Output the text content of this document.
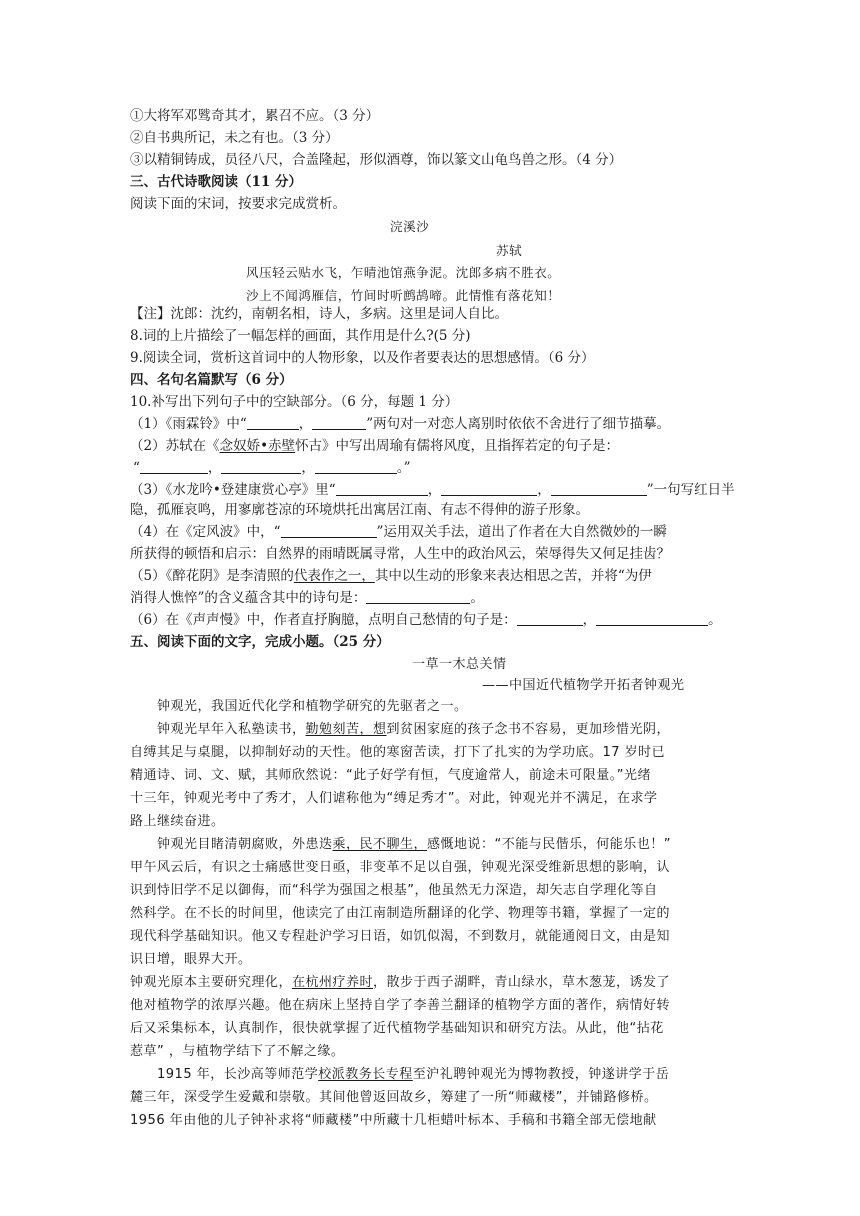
①大将军邓骘奇其才，累召不应。（3 分）
②自书典所记，未之有也。（3 分）
③以精铜铸成，员径八尺，合盖隆起，形似酒尊，饰以篆文山龟鸟兽之形。（4 分）
三、古代诗歌阅读（11 分）
阅读下面的宋词，按要求完成赏析。
浣溪沙
苏轼
风压轻云贴水飞，乍晴池馆燕争泥。沈郎多病不胜衣。
沙上不闻鸿雁信，竹间时听鹧鸪啼。此情惟有落花知！
【注】沈郎：沈约，南朝名相，诗人，多病。这里是词人自比。
8.词的上片描绘了一幅怎样的画面，其作用是什么?(5 分)
9.阅读全词，赏析这首词中的人物形象，以及作者要表达的思想感情。（6 分）
四、名句名篇默写（6 分）
10.补写出下列句子中的空缺部分。（6 分，每题 1 分）
（1）《雨霖铃》中“	，	”两句对一对恋人离别时依依不舍进行了细节描摹。
（2）苏轼在《念奴娇•赤壁怀古》中写出周瑜有儒将风度，且指挥若定的句子是：
“	，	，	。”
（3）《水龙吟•登建康赏心亭》里“	，	，	”一句写红日半
隐，孤雁哀鸣，用寥廓苍凉的环境烘托出寓居江南、有志不得伸的游子形象。
（4）在《定风波》中，“	”运用双关手法，道出了作者在大自然微妙的一瞬
所获得的顿悟和启示：自然界的雨晴既属寻常，人生中的政治风云，荣辱得失又何足挂齿？
（5）《醉花阴》是李清照的代表作之一，其中以生动的形象来表达相思之苦，并将“为伊
消得人憔悴”的含义蕴含其中的诗句是：	。
（6）在《声声慢》中，作者直抒胸臆，点明自己愁情的句子是：	，	。
五、阅读下面的文字，完成小题。（25 分）
一草一木总关情
——中国近代植物学开拓者钟观光
钟观光，我国近代化学和植物学研究的先驱者之一。
钟观光早年入私塾读书，勤勉刻苦，想到贫困家庭的孩子念书不容易，更加珍惜光阴，
自缚其足与桌腿，以抑制好动的天性。他的寒窗苦读，打下了扎实的为学功底。17 岁时已
精通诗、词、文、赋，其师欣然说：“此子好学有恒，气度逾常人，前途未可限量。”光绪
十三年，钟观光考中了秀才，人们谑称他为“缚足秀才”。对此，钟观光并不满足，在求学
路上继续奋进。
钟观光目睹清朝腐败，外患迭乘，民不聊生，感慨地说：“不能与民偕乐，何能乐也！”
甲午风云后，有识之士痛感世变日亟，非变革不足以自强，钟观光深受维新思想的影响，认
识到恃旧学不足以御侮，而“科学为强国之根基”，他虽然无力深造，却矢志自学理化等自
然科学。在不长的时间里，他读完了由江南制造所翻译的化学、物理等书籍，掌握了一定的
现代科学基础知识。他又专程赴沪学习日语，如饥似渴，不到数月，就能通阅日文，由是知
识日增，眼界大开。
钟观光原本主要研究理化，在杭州疗养时，散步于西子湖畔，青山绿水，草木葱茏，诱发了
他对植物学的浓厚兴趣。他在病床上坚持自学了李善兰翻译的植物学方面的著作，病情好转
后又采集标本，认真制作，很快就掌握了近代植物学基础知识和研究方法。从此，他“拈花
惹草” ，与植物学结下了不解之缘。
1915 年，长沙高等师范学校派教务长专程至沪礼聘钟观光为博物教授，钟遂讲学于岳
麓三年，深受学生爱戴和崇敬。其间他曾返回故乡，筹建了一所“师藏楼”，并铺路修桥。
1956 年由他的儿子钟补求将“师藏楼”中所藏十几柜蜡叶标本、手稿和书籍全部无偿地献
